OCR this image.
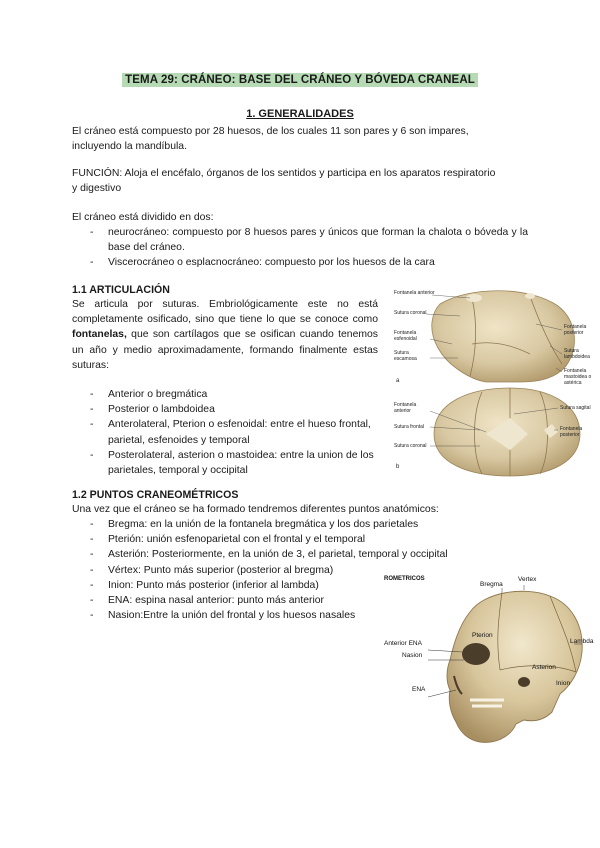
TEMA 29: CRÁNEO: BASE DEL CRÁNEO Y BÓVEDA CRANEAL
1. GENERALIDADES
El cráneo está compuesto por 28 huesos, de los cuales 11 son pares y 6 son impares,
incluyendo la mandíbula.
FUNCIÓN: Aloja el encéfalo, órganos de los sentidos y participa en los aparatos respiratorio
y digestivo
El cráneo está dividido en dos:
- neurocráneo: compuesto por 8 huesos pares y únicos que forman la chalota o bóveda y la base del cráneo.
- Viscerocráneo o esplacnocráneo: compuesto por los huesos de la cara
1.1 ARTICULACIÓN
Se articula por suturas. Embriológicamente este no está completamente osificado, sino que tiene lo que se conoce como fontanelas, que son cartílagos que se osifican cuando tenemos un año y medio aproximadamente, formando finalmente estas suturas:
- Anterior o bregmática
- Posterior o lambdoidea
- Anterolateral, Pterion o esfenoidal: entre el hueso frontal, parietal, esfenoides y temporal
- Posterolateral, asterion o mastoidea: entre la union de los parietales, temporal y occipital
Fontanela anterior
Sutura coronal
Fontanela esfenoidal
Sutura escamosa
Fontanela posterior
Sutura lambdoidea
Fontanela mastoidea o astérica
a
Fontanela anterior
Sutura frontal
Sutura coronal
Sutura sagital
Fontanela posterior
b
1.2 PUNTOS CRANEOMÉTRICOS
Una vez que el cráneo se ha formado tendremos diferentes puntos anatómicos:
- Bregma: en la unión de la fontanela bregmática y los dos parietales
- Pterión: unión esfenoparietal con el frontal y el temporal
- Asterión: Posteriormente, en la unión de 3, el parietal, temporal y occipital
- Vértex: Punto más superior (posterior al bregma)
- Inion: Punto más posterior (inferior al lambda)
- ENA: espina nasal anterior: punto más anterior
- Nasion:Entre la unión del frontal y los huesos nasales
ROMETRICOS
Bregma
Vertex
Pterion
Lambda
Anterior ENA
Nasion
Asterion
Inion
ENA
